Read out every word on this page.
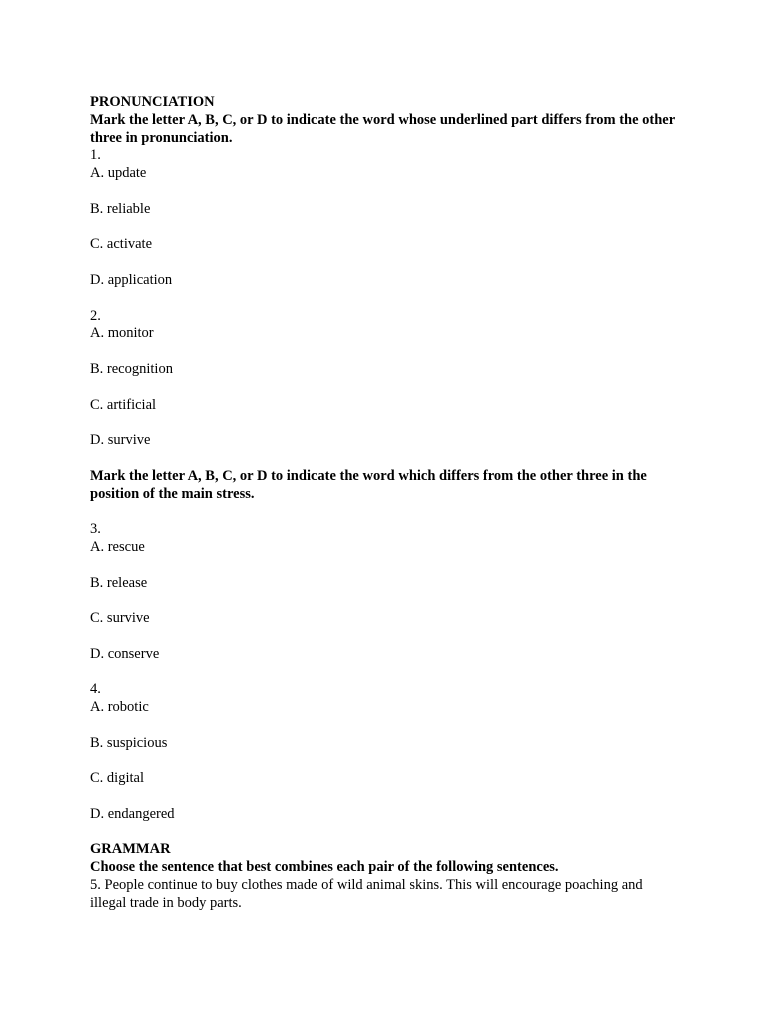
PRONUNCIATION
Mark the letter A, B, C, or D to indicate the word whose underlined part differs from the other three in pronunciation.
1.
A. update
B. reliable
C. activate
D. application
2.
A. monitor
B. recognition
C. artificial
D. survive
Mark the letter A, B, C, or D to indicate the word which differs from the other three in the position of the main stress.
3.
A. rescue
B. release
C. survive
D. conserve
4.
A. robotic
B. suspicious
C. digital
D. endangered
GRAMMAR
Choose the sentence that best combines each pair of the following sentences.
5. People continue to buy clothes made of wild animal skins. This will encourage poaching and illegal trade in body parts.
